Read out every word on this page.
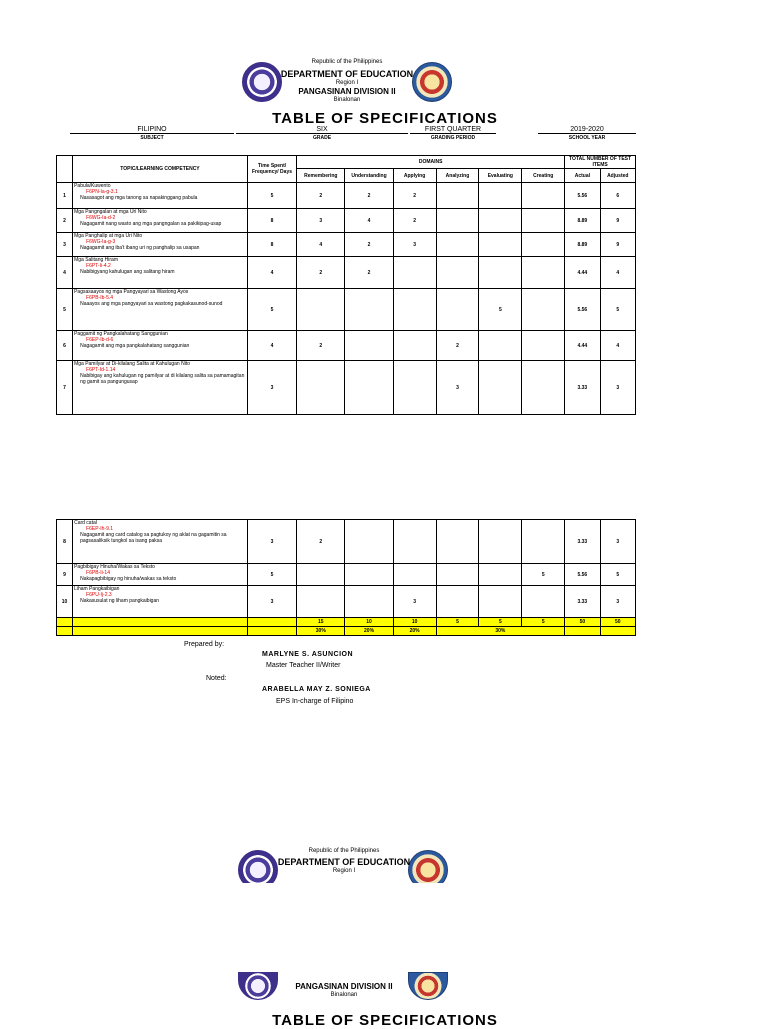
Republic of the Philippines
DEPARTMENT OF EDUCATION
Region I
PANGASINAN DIVISION II
Binalonan
TABLE OF SPECIFICATIONS
FILIPINO
SUBJECT
SIX
GRADE
FIRST QUARTER
GRADING PERIOD
2019-2020
SCHOOL YEAR
	TOPIC/LEARNING COMPETENCY	Time Spent/ Frequency/ Days	DOMAINS						TOTAL NUMBER OF TEST ITEMS	
			Remembering	Understanding	Applying	Analyzing	Evaluating	Creating	Actual	Adjusted
1	Pabula/Kuwento
F6PN-Ia-g-3.1
Nasasagot ang mga tanong sa napakinggang pabula	5	2	2	2				5.56	6
2	Mga Pangngalan at mga Uri Nito
F6WG-Ia-d-2
Nagagamit nang wasto ang mga pangngalan sa pakikipag-usap	8	3	4	2				8.89	9
3	Mga Panghalip at mga Uri Nito
F6WG-Ia-g-3
Nagagamit ang iba't ibang uri ng panghalip sa usapan	8	4	2	3				8.89	9
4	Mga Salitang Hiram
F6PT-Ii-4.2
Nabibigyang kahulugan ang salitang hiram	4	2	2					4.44	4
5	Pagsasaayos ng mga Pangyayari sa Wastong Ayos
F6PB-Ib-5.4
Naaayos ang mga pangyayari sa wastong pagkakasunod-sunod	5					5		5.56	5
6	Paggamit ng Pangkalahatang Sanggunian
F6EP-Ib-d-6
Nagagamit ang mga pangkalahatang sanggunian	4	2			2			4.44	4
7	Mga Pamilyar at Di-kilalang Salita at Kahulugan Nito
F6PT-Id-1.14
Nabibigay ang kahulugan ng pamilyar at di kilalang salita sa pamamagitan ng gamit sa pangungusap	3				3			3.33	3
8	Card catal
F6EP-Ih-9.1
Nagagamit ang card catalog sa pagtukoy ng aklat na gagamitin sa pagsasaliksik tungkol sa isang paksa	3	2						3.33	3
9	Pagbibigay Hinuha/Wakas sa Teksto
F6PB-Ii-14
Nakapagbibigay ng hinuha/wakas sa teksto	5						5	5.56	5
10	Liham Pangkaibigan
F6PU-Ij-2.3
Nakasusulat ng liham pangkaibigan	3			3				3.33	3
			15	10	10	5	5	5	50	50
			30%	20%	20%	30%				
Prepared by:
MARLYNE S. ASUNCION
Master Teacher II/Writer
Noted:
ARABELLA MAY Z. SONIEGA
EPS In-charge of Filipino
Republic of the Philippines
DEPARTMENT OF EDUCATION
Region I
PANGASINAN DIVISION II
Binalonan
TABLE OF SPECIFICATIONS
